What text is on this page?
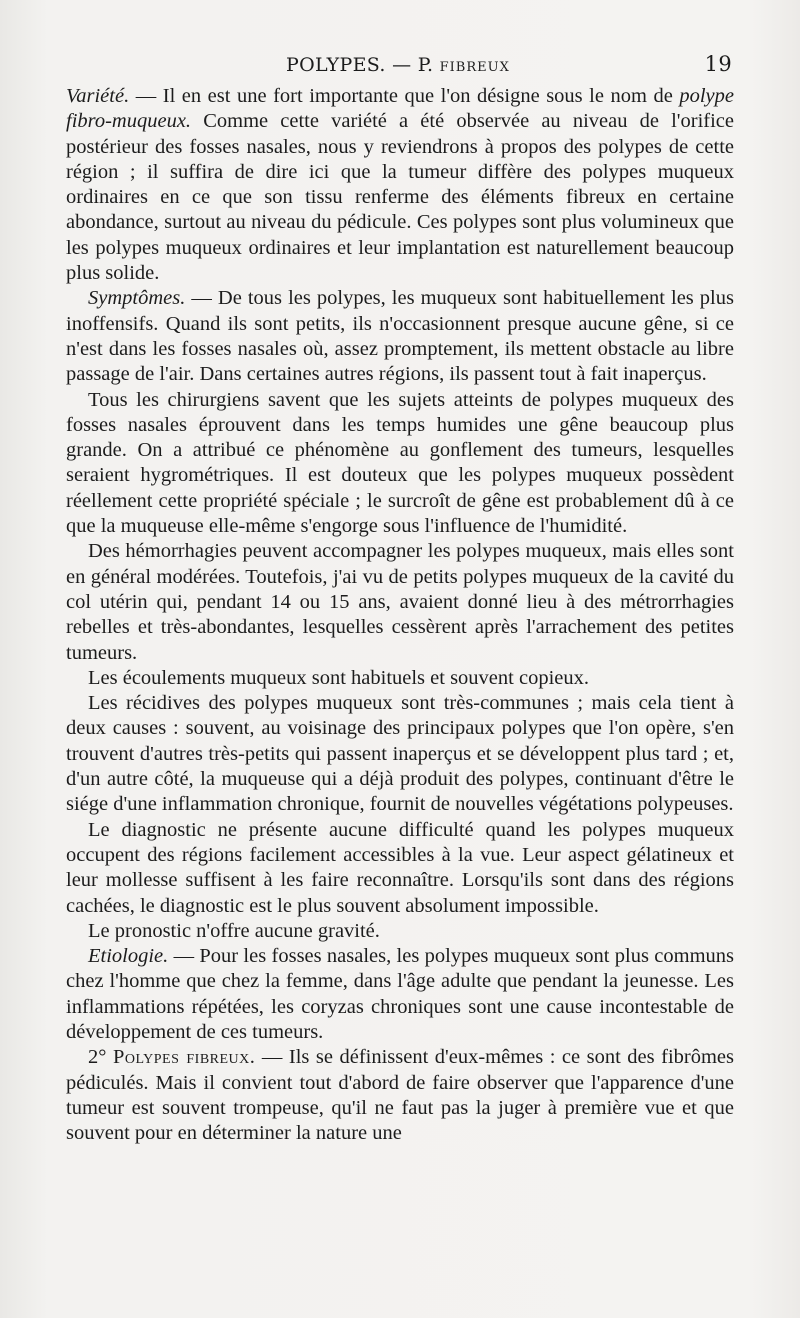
POLYPES. — P. FIBREUX	19

Variété. — Il en est une fort importante que l'on désigne sous le nom de polype fibro-muqueux. Comme cette variété a été observée au niveau de l'orifice postérieur des fosses nasales, nous y reviendrons à propos des polypes de cette région ; il suffira de dire ici que la tumeur diffère des polypes muqueux ordinaires en ce que son tissu renferme des éléments fibreux en certaine abondance, surtout au niveau du pédicule. Ces polypes sont plus volumineux que les polypes muqueux ordinaires et leur implantation est naturellement beaucoup plus solide.

Symptômes. — De tous les polypes, les muqueux sont habituellement les plus inoffensifs. Quand ils sont petits, ils n'occasionnent presque aucune gêne, si ce n'est dans les fosses nasales où, assez promptement, ils mettent obstacle au libre passage de l'air. Dans certaines autres régions, ils passent tout à fait inaperçus.

Tous les chirurgiens savent que les sujets atteints de polypes muqueux des fosses nasales éprouvent dans les temps humides une gêne beaucoup plus grande. On a attribué ce phénomène au gonflement des tumeurs, lesquelles seraient hygrométriques. Il est douteux que les polypes muqueux possèdent réellement cette propriété spéciale ; le surcroît de gêne est probablement dû à ce que la muqueuse elle-même s'engorge sous l'influence de l'humidité.

Des hémorrhagies peuvent accompagner les polypes muqueux, mais elles sont en général modérées. Toutefois, j'ai vu de petits polypes muqueux de la cavité du col utérin qui, pendant 14 ou 15 ans, avaient donné lieu à des métrorrhagies rebelles et très-abondantes, lesquelles cessèrent après l'arrachement des petites tumeurs.

Les écoulements muqueux sont habituels et souvent copieux.

Les récidives des polypes muqueux sont très-communes ; mais cela tient à deux causes : souvent, au voisinage des principaux polypes que l'on opère, s'en trouvent d'autres très-petits qui passent inaperçus et se développent plus tard ; et, d'un autre côté, la muqueuse qui a déjà produit des polypes, continuant d'être le siége d'une inflammation chronique, fournit de nouvelles végétations polypeuses.

Le diagnostic ne présente aucune difficulté quand les polypes muqueux occupent des régions facilement accessibles à la vue. Leur aspect gélatineux et leur mollesse suffisent à les faire reconnaître. Lorsqu'ils sont dans des régions cachées, le diagnostic est le plus souvent absolument impossible.

Le pronostic n'offre aucune gravité.

Etiologie. — Pour les fosses nasales, les polypes muqueux sont plus communs chez l'homme que chez la femme, dans l'âge adulte que pendant la jeunesse. Les inflammations répétées, les coryzas chroniques sont une cause incontestable de développement de ces tumeurs.

2° Polypes fibreux. — Ils se définissent d'eux-mêmes : ce sont des fibrômes pédiculés. Mais il convient tout d'abord de faire observer que l'apparence d'une tumeur est souvent trompeuse, qu'il ne faut pas la juger à première vue et que souvent pour en déterminer la nature une
